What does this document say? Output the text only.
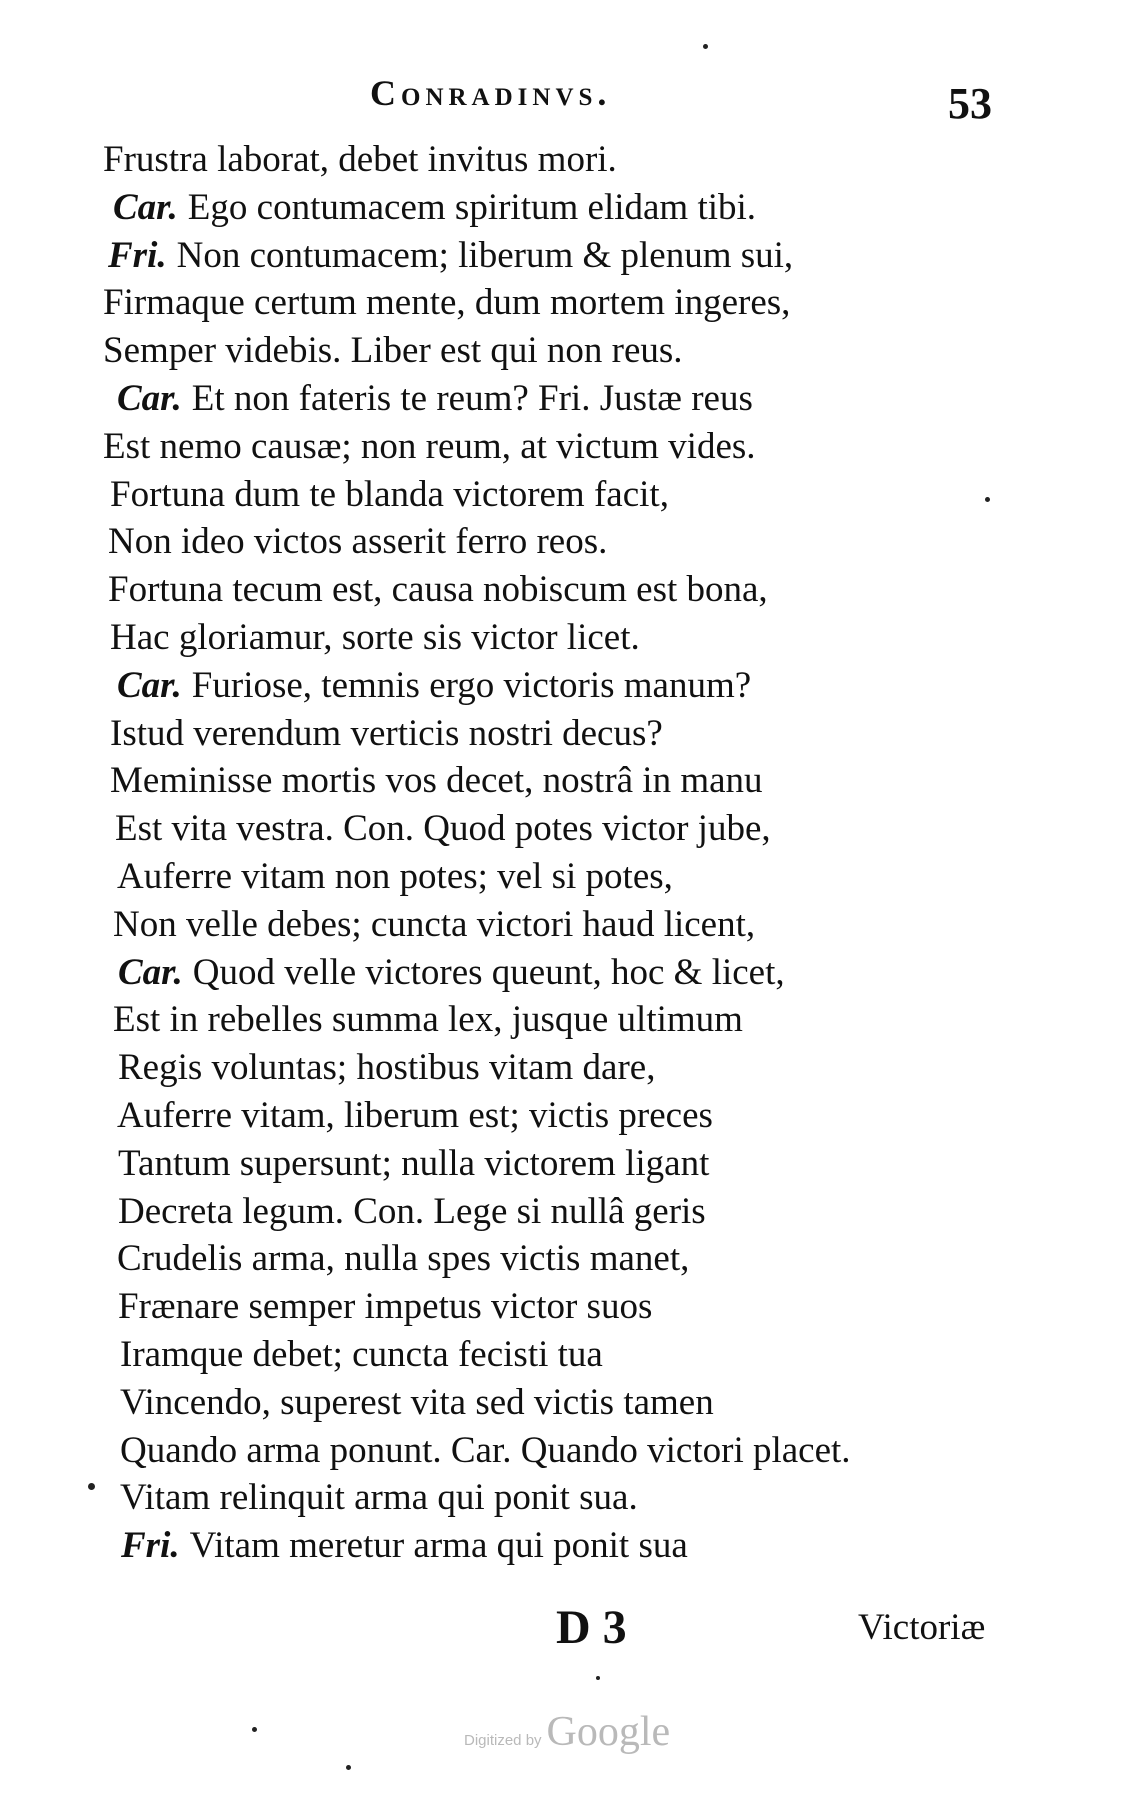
Conradinvs.	53
Frustra laborat, debet invitus mori.
Car. Ego contumacem spiritum elidam tibi.
Fri. Non contumacem; liberum & plenum sui,
Firmaque certum mente, dum mortem ingeres,
Semper videbis. Liber est qui non reus.
Car. Et non fateris te reum? Fri. Justæ reus
Est nemo causæ; non reum, at victum vides.
Fortuna dum te blanda victorem facit,
Non ideo victos asserit ferro reos.
Fortuna tecum est, causa nobiscum est bona,
Hac gloriamur, sorte sis victor licet.
Car. Furiose, temnis ergo victoris manum?
Istud verendum verticis nostri decus?
Meminisse mortis vos decet, nostrâ in manu
Est vita vestra. Con. Quod potes victor jube,
Auferre vitam non potes; vel si potes,
Non velle debes; cuncta victori haud licent,
Car. Quod velle victores queunt, hoc & licet,
Est in rebelles summa lex, jusque ultimum
Regis voluntas; hostibus vitam dare,
Auferre vitam, liberum est; victis preces
Tantum supersunt; nulla victorem ligant
Decreta legum. Con. Lege si nullâ geris
Crudelis arma, nulla spes victis manet,
Frænare semper impetus victor suos
Iramque debet; cuncta fecisti tua
Vincendo, superest vita sed victis tamen
Quando arma ponunt. Car. Quando victori placet.
Vitam relinquit arma qui ponit sua.
Fri. Vitam meretur arma qui ponit sua
D 3	Victoriæ
Digitized by Google
